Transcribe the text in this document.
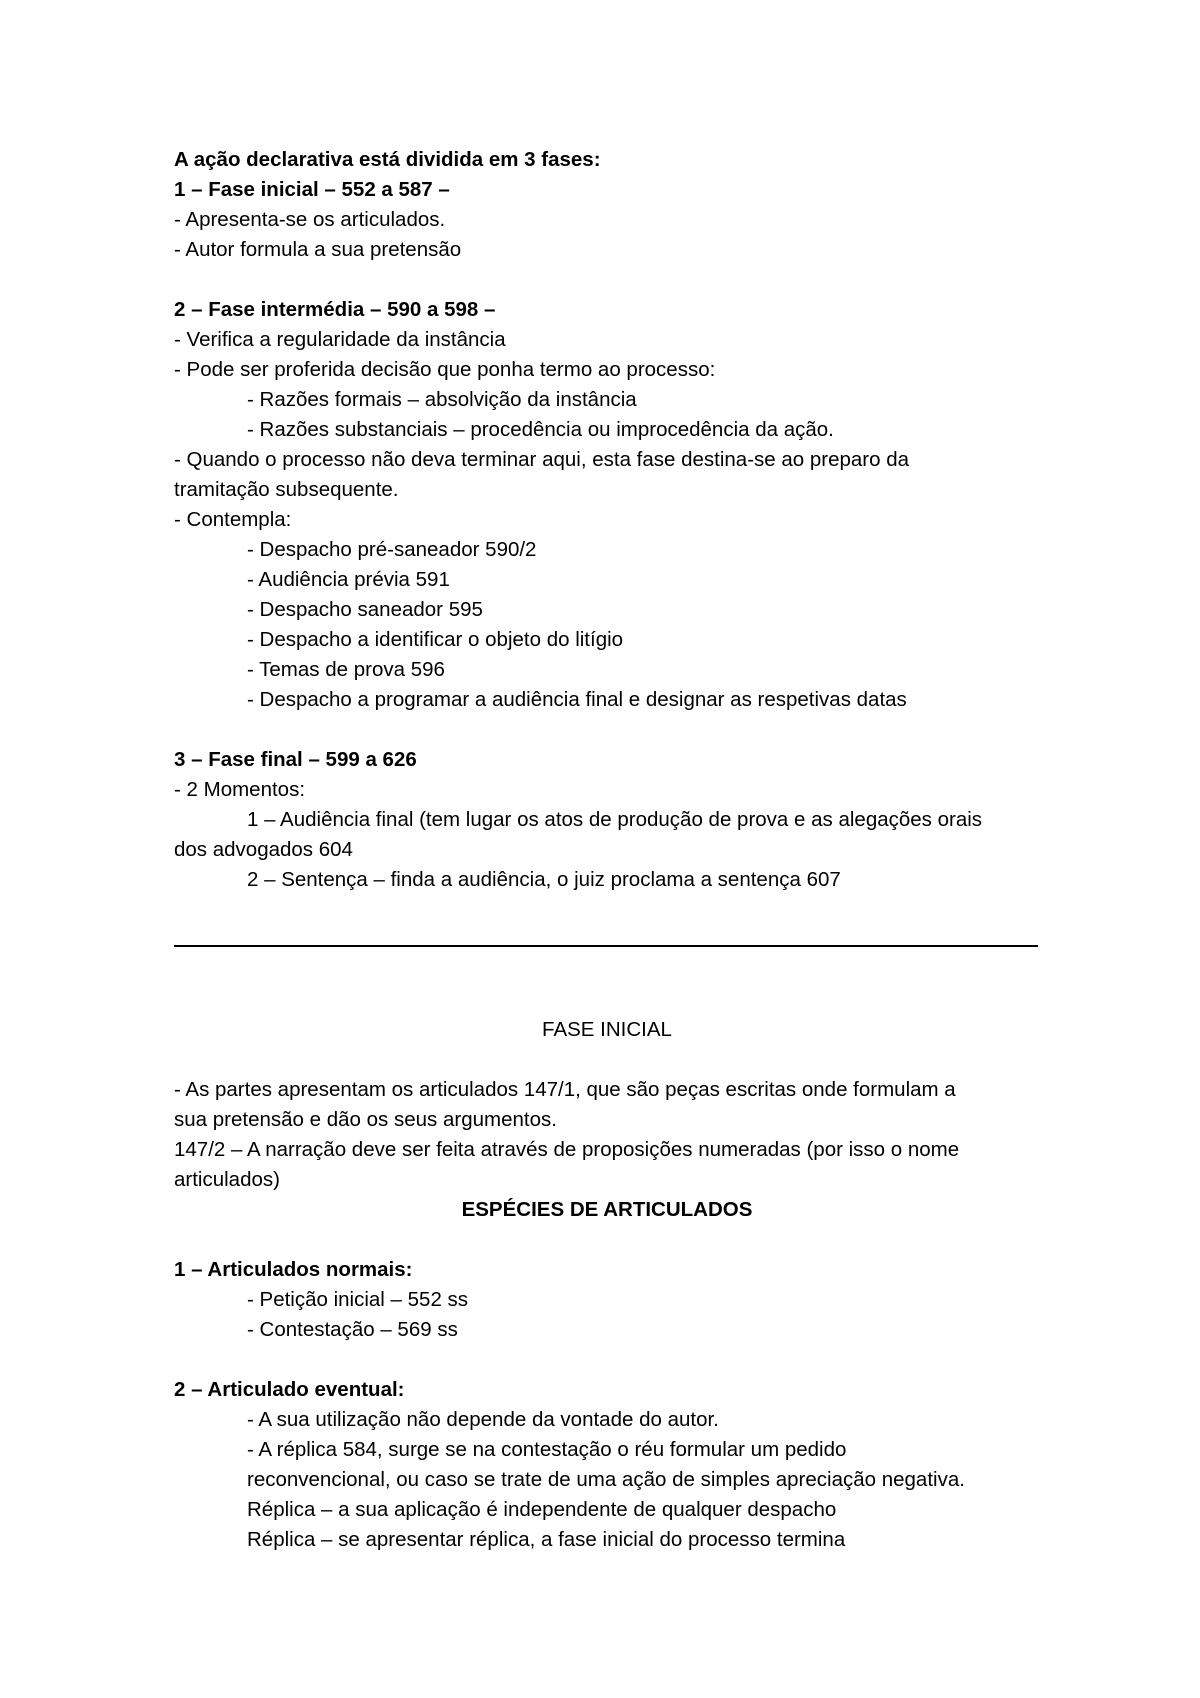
A ação declarativa está dividida em 3 fases:
1 – Fase inicial – 552 a 587 –
- Apresenta-se os articulados.
- Autor formula a sua pretensão
2 – Fase intermédia – 590 a 598 –
- Verifica a regularidade da instância
- Pode ser proferida decisão que ponha termo ao processo:
- Razões formais – absolvição da instância
- Razões substanciais – procedência ou improcedência da ação.
- Quando o processo não deva terminar aqui, esta fase destina-se ao preparo da
tramitação subsequente.
- Contempla:
- Despacho pré-saneador 590/2
- Audiência prévia 591
- Despacho saneador 595
- Despacho a identificar o objeto do litígio
- Temas de prova 596
- Despacho a programar a audiência final e designar as respetivas datas
3 – Fase final – 599 a 626
- 2 Momentos:
1 – Audiência final (tem lugar os atos de produção de prova e as alegações orais
dos advogados 604
2 – Sentença – finda a audiência, o juiz proclama a sentença 607
FASE INICIAL
- As partes apresentam os articulados 147/1, que são peças escritas onde formulam a
sua pretensão e dão os seus argumentos.
147/2 – A narração deve ser feita através de proposições numeradas (por isso o nome
articulados)
ESPÉCIES DE ARTICULADOS
1 – Articulados normais:
- Petição inicial – 552 ss
- Contestação – 569 ss
2 – Articulado eventual:
- A sua utilização não depende da vontade do autor.
- A réplica 584, surge se na contestação o réu formular um pedido
reconvencional, ou caso se trate de uma ação de simples apreciação negativa.
Réplica – a sua aplicação é independente de qualquer despacho
Réplica – se apresentar réplica, a fase inicial do processo termina
